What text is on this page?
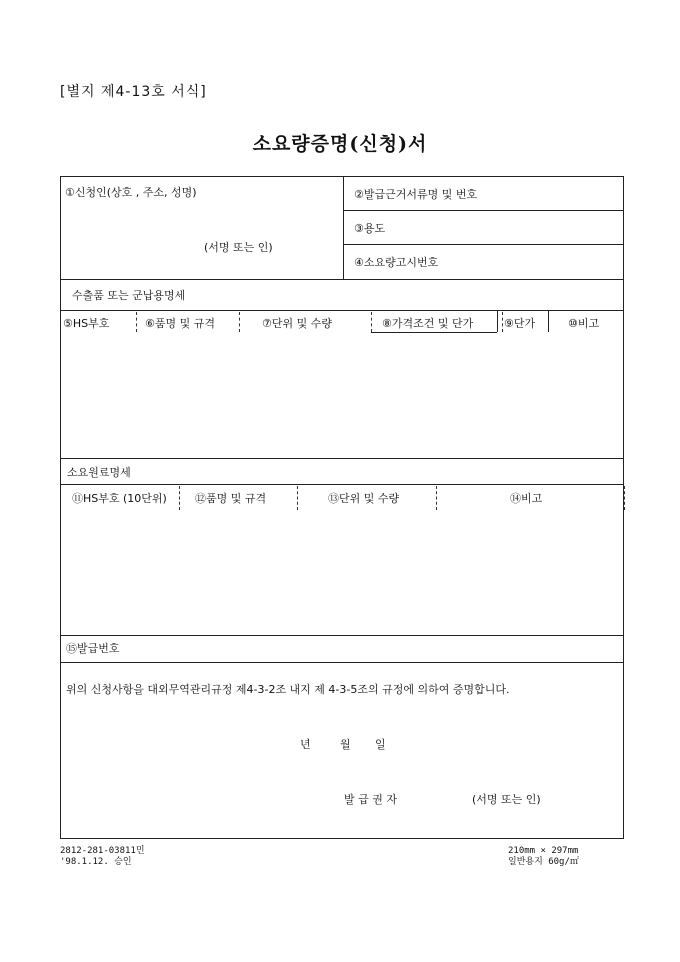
[별지 제4-13호 서식]
소요량증명(신청)서
①신청인(상호 , 주소, 성명)
(서명 또는 인)
②발급근거서류명 및 번호
③용도
④소요량고시번호
수출품 또는 군납용명세
⑤HS부호	⑥품명 및 규격	⑦단위 및 수량	⑧가격조건 및 단가	⑨단가	⑩비고
소요원료명세
⑪HS부호 (10단위)	⑫품명 및 규격	⑬단위 및 수량	⑭비고
⑮발급번호
위의 신청사항을 대외무역관리규정 제4-3-2조 내지 제 4-3-5조의 규정에 의하여 증명합니다.
년	월 일
발 급 권 자	(서명 또는 인)
2812-281-03811민
'98.1.12. 승인
210mm × 297mm
일반용지 60g/㎡
